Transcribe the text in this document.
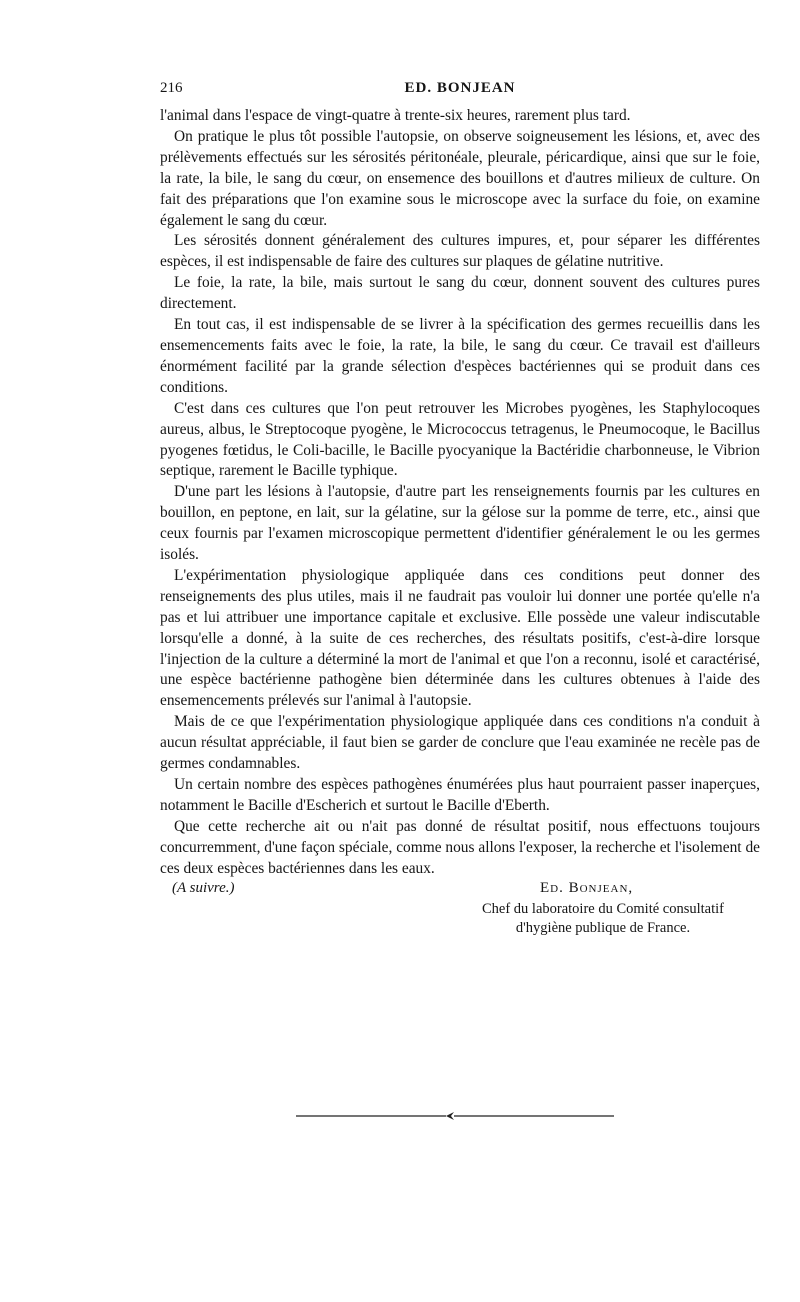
216	ED. BONJEAN

l'animal dans l'espace de vingt-quatre à trente-six heures, rarement plus tard.

On pratique le plus tôt possible l'autopsie, on observe soigneusement les lésions, et, avec des prélèvements effectués sur les sérosités péritonéale, pleurale, péricardique, ainsi que sur le foie, la rate, la bile, le sang du cœur, on ensemence des bouillons et d'autres milieux de culture. On fait des préparations que l'on examine sous le microscope avec la surface du foie, on examine également le sang du cœur.

Les sérosités donnent généralement des cultures impures, et, pour séparer les différentes espèces, il est indispensable de faire des cultures sur plaques de gélatine nutritive.

Le foie, la rate, la bile, mais surtout le sang du cœur, donnent souvent des cultures pures directement.

En tout cas, il est indispensable de se livrer à la spécification des germes recueillis dans les ensemencements faits avec le foie, la rate, la bile, le sang du cœur. Ce travail est d'ailleurs énormément facilité par la grande sélection d'espèces bactériennes qui se produit dans ces conditions.

C'est dans ces cultures que l'on peut retrouver les Microbes pyogènes, les Staphylocoques aureus, albus, le Streptocoque pyogène, le Micrococcus tetragenus, le Pneumocoque, le Bacillus pyogenes fœtidus, le Coli-bacille, le Bacille pyocyanique la Bactéridie charbonneuse, le Vibrion septique, rarement le Bacille typhique.

D'une part les lésions à l'autopsie, d'autre part les renseignements fournis par les cultures en bouillon, en peptone, en lait, sur la gélatine, sur la gélose sur la pomme de terre, etc., ainsi que ceux fournis par l'examen microscopique permettent d'identifier généralement le ou les germes isolés.

L'expérimentation physiologique appliquée dans ces conditions peut donner des renseignements des plus utiles, mais il ne faudrait pas vouloir lui donner une portée qu'elle n'a pas et lui attribuer une importance capitale et exclusive. Elle possède une valeur indiscutable lorsqu'elle a donné, à la suite de ces recherches, des résultats positifs, c'est-à-dire lorsque l'injection de la culture a déterminé la mort de l'animal et que l'on a reconnu, isolé et caractérisé, une espèce bactérienne pathogène bien déterminée dans les cultures obtenues à l'aide des ensemencements prélevés sur l'animal à l'autopsie.

Mais de ce que l'expérimentation physiologique appliquée dans ces conditions n'a conduit à aucun résultat appréciable, il faut bien se garder de conclure que l'eau examinée ne recèle pas de germes condamnables.

Un certain nombre des espèces pathogènes énumérées plus haut pourraient passer inaperçues, notamment le Bacille d'Escherich et surtout le Bacille d'Eberth.

Que cette recherche ait ou n'ait pas donné de résultat positif, nous effectuons toujours concurremment, d'une façon spéciale, comme nous allons l'exposer, la recherche et l'isolement de ces deux espèces bactériennes dans les eaux.

(A suivre.)	Ed. Bonjean,
Chef du laboratoire du Comité consultatif
d'hygiène publique de France.
